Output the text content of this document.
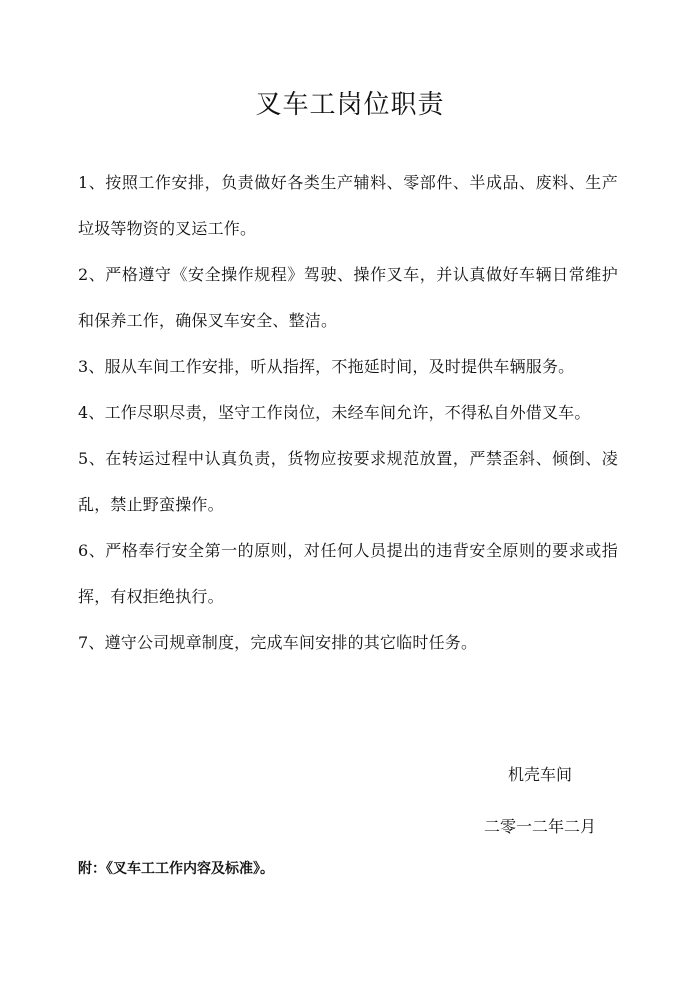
叉车工岗位职责
1、按照工作安排，负责做好各类生产辅料、零部件、半成品、废料、生产垃圾等物资的叉运工作。
2、严格遵守《安全操作规程》驾驶、操作叉车，并认真做好车辆日常维护和保养工作，确保叉车安全、整洁。
3、服从车间工作安排，听从指挥，不拖延时间，及时提供车辆服务。
4、工作尽职尽责，坚守工作岗位，未经车间允许，不得私自外借叉车。
5、在转运过程中认真负责，货物应按要求规范放置，严禁歪斜、倾倒、凌乱，禁止野蛮操作。
6、严格奉行安全第一的原则，对任何人员提出的违背安全原则的要求或指挥，有权拒绝执行。
7、遵守公司规章制度，完成车间安排的其它临时任务。
机壳车间
二零一二年二月
附：《叉车工工作内容及标准》。
